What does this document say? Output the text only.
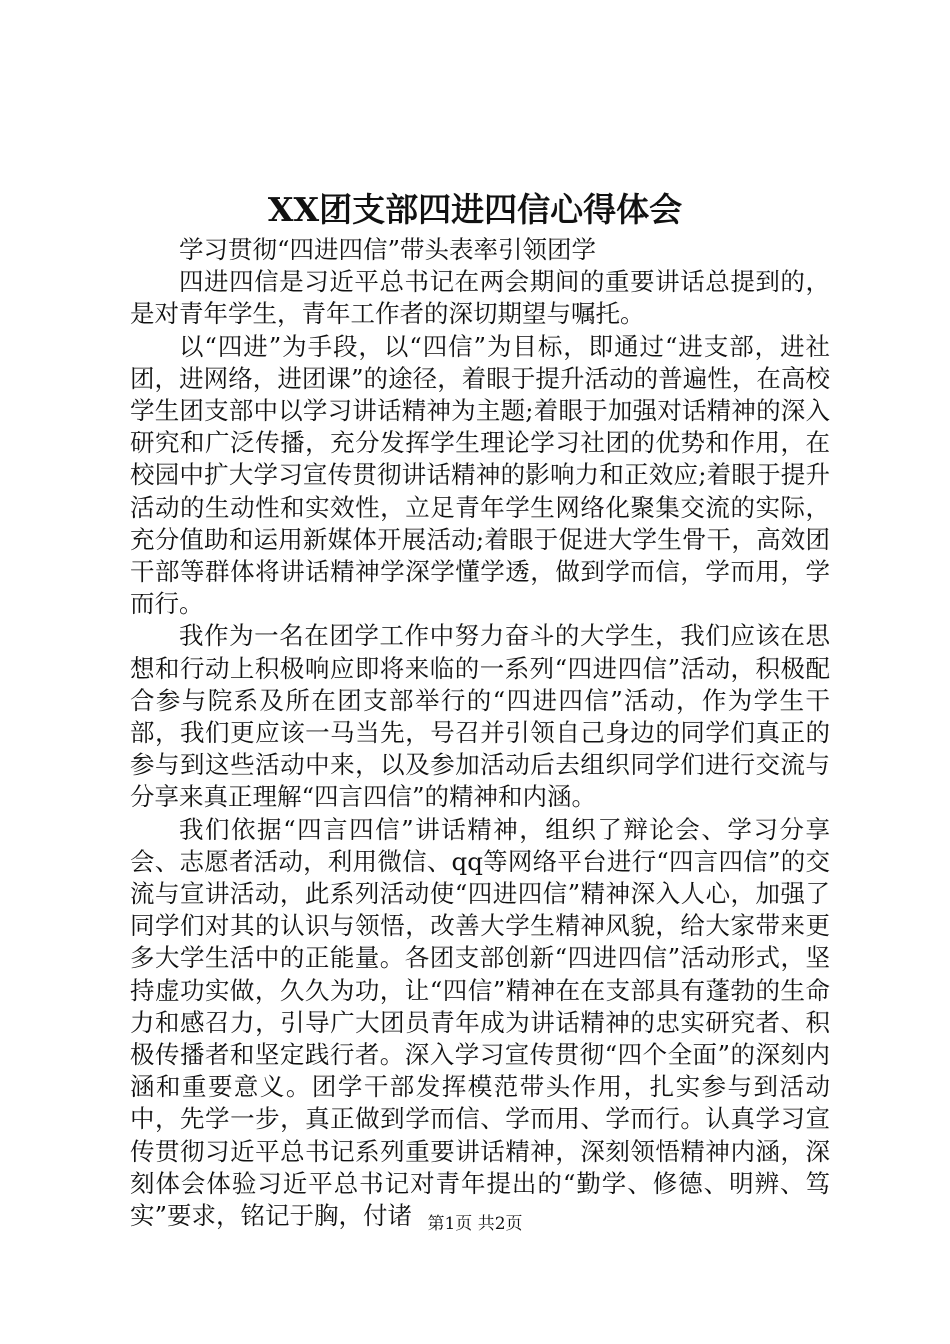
XX团支部四进四信心得体会

学习贯彻“四进四信”带头表率引领团学

四进四信是习近平总书记在两会期间的重要讲话总提到的，是对青年学生，青年工作者的深切期望与嘱托。

以“四进”为手段，以“四信”为目标，即通过“进支部，进社团，进网络，进团课”的途径，着眼于提升活动的普遍性，在高校学生团支部中以学习讲话精神为主题;着眼于加强对话精神的深入研究和广泛传播，充分发挥学生理论学习社团的优势和作用，在校园中扩大学习宣传贯彻讲话精神的影响力和正效应;着眼于提升活动的生动性和实效性，立足青年学生网络化聚集交流的实际，充分值助和运用新媒体开展活动;着眼于促进大学生骨干，高效团干部等群体将讲话精神学深学懂学透，做到学而信，学而用，学而行。

我作为一名在团学工作中努力奋斗的大学生，我们应该在思想和行动上积极响应即将来临的一系列“四进四信”活动，积极配合参与院系及所在团支部举行的“四进四信”活动，作为学生干部，我们更应该一马当先，号召并引领自己身边的同学们真正的参与到这些活动中来，以及参加活动后去组织同学们进行交流与分享来真正理解“四言四信”的精神和内涵。

我们依据“四言四信”讲话精神，组织了辩论会、学习分享会、志愿者活动，利用微信、qq等网络平台进行“四言四信”的交流与宣讲活动，此系列活动使“四进四信”精神深入人心，加强了同学们对其的认识与领悟，改善大学生精神风貌，给大家带来更多大学生活中的正能量。各团支部创新“四进四信”活动形式，坚持虚功实做，久久为功，让“四信”精神在在支部具有蓬勃的生命力和感召力，引导广大团员青年成为讲话精神的忠实研究者、积极传播者和坚定践行者。深入学习宣传贯彻“四个全面”的深刻内涵和重要意义。团学干部发挥模范带头作用，扎实参与到活动中，先学一步，真正做到学而信、学而用、学而行。认真学习宣传贯彻习近平总书记系列重要讲话精神，深刻领悟精神内涵，深刻体会体验习近平总书记对青年提出的“勤学、修德、明辨、笃实”要求，铭记于胸，付诸 第1页 共2页
